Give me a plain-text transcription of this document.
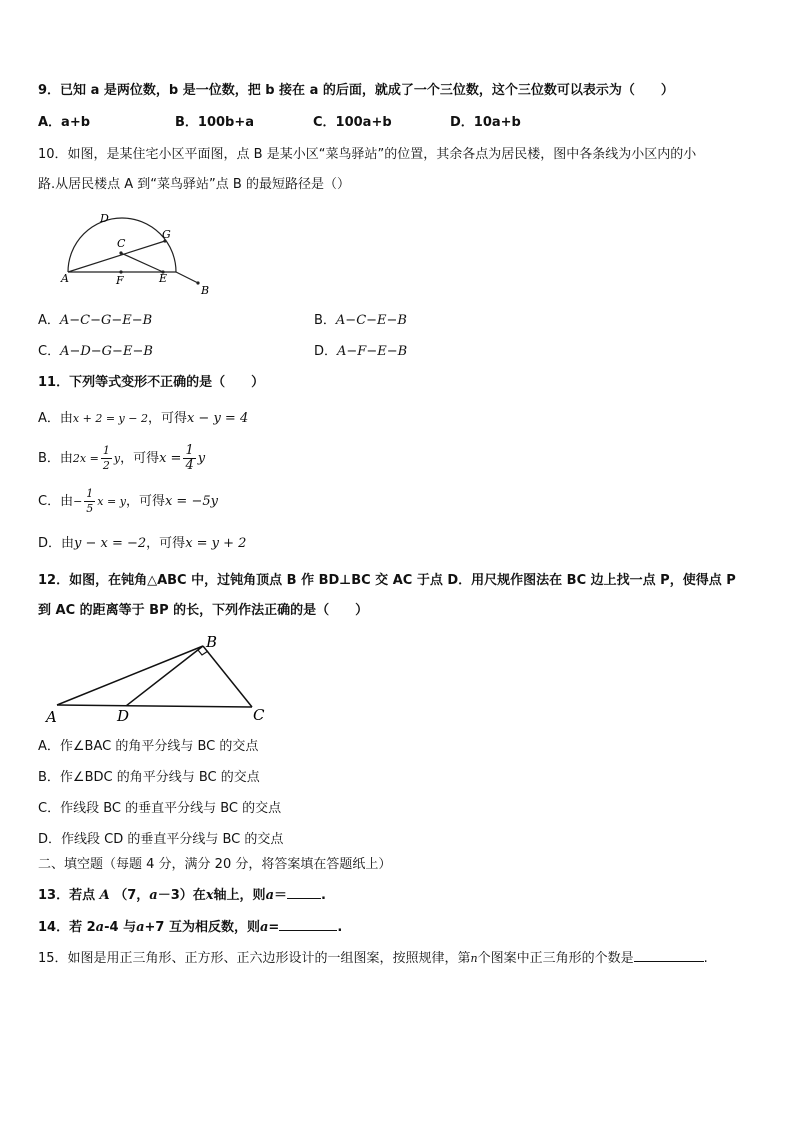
9．已知 a 是两位数，b 是一位数，把 b 接在 a 的后面，就成了一个三位数，这个三位数可以表示为（　　）
A．a+b	B．100b+a	C．100a+b	D．10a+b
10．如图，是某住宅小区平面图，点 B 是某小区“菜鸟驿站”的位置，其余各点为居民楼，图中各条线为小区内的小
路.从居民楼点 A 到“菜鸟驿站”点 B 的最短路径是（）
D
C
G
A	F	E
B
A．A−C−G−E−B	B．A−C−E−B
C．A−D−G−E−B	D．A−F−E−B
11．下列等式变形不正确的是（　　）
A．由x + 2 = y − 2，可得x − y = 4
B．由$2x = \frac{1}{2}$ y，可得$x = \frac{1}{4}$ y
C．由− $\frac{1}{5}$ x = y，可得x = −5y
D．由y − x = −2，可得x = y + 2
12．如图，在钝角△ABC 中，过钝角顶点 B 作 BD⊥BC 交 AC 于点 D．用尺规作图法在 BC 边上找一点 P，使得点 P
到 AC 的距离等于 BP 的长，下列作法正确的是（　　）
B
A	D	C
A．作∠BAC 的角平分线与 BC 的交点
B．作∠BDC 的角平分线与 BC 的交点
C．作线段 BC 的垂直平分线与 BC 的交点
D．作线段 CD 的垂直平分线与 BC 的交点
二、填空题（每题 4 分，满分 20 分，将答案填在答题纸上）
13．若点 A （7，a－3）在x轴上，则a＝	.
14．若 2a-4 与a+7 互为相反数，则a=	.
15．如图是用正三角形、正方形、正六边形设计的一组图案，按照规律，第n个图案中正三角形的个数是	.
